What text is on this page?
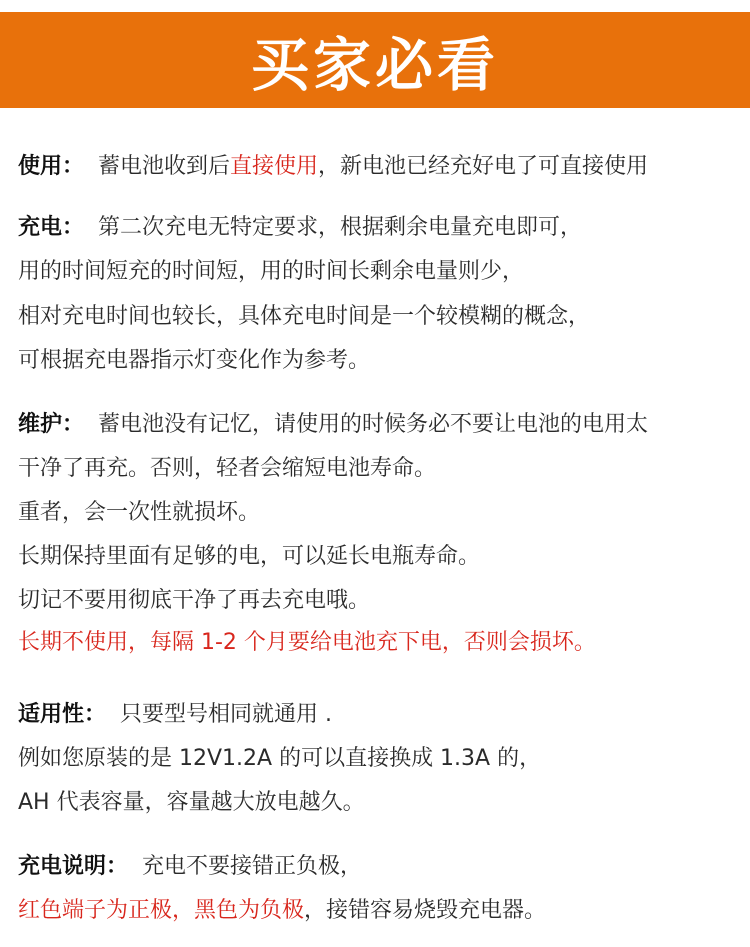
买家必看
使用： 蓄电池收到后直接使用，新电池已经充好电了可直接使用
充电： 第二次充电无特定要求，根据剩余电量充电即可，
用的时间短充的时间短，用的时间长剩余电量则少，
相对充电时间也较长，具体充电时间是一个较模糊的概念，
可根据充电器指示灯变化作为参考。
维护： 蓄电池没有记忆，请使用的时候务必不要让电池的电用太
干净了再充。否则，轻者会缩短电池寿命。
重者，会一次性就损坏。
长期保持里面有足够的电，可以延长电瓶寿命。
切记不要用彻底干净了再去充电哦。
长期不使用，每隔 1-2 个月要给电池充下电，否则会损坏。
适用性： 只要型号相同就通用 .
例如您原装的是 12V1.2A 的可以直接换成 1.3A 的，
AH 代表容量，容量越大放电越久。
充电说明： 充电不要接错正负极，
红色端子为正极，黑色为负极，接错容易烧毁充电器。
